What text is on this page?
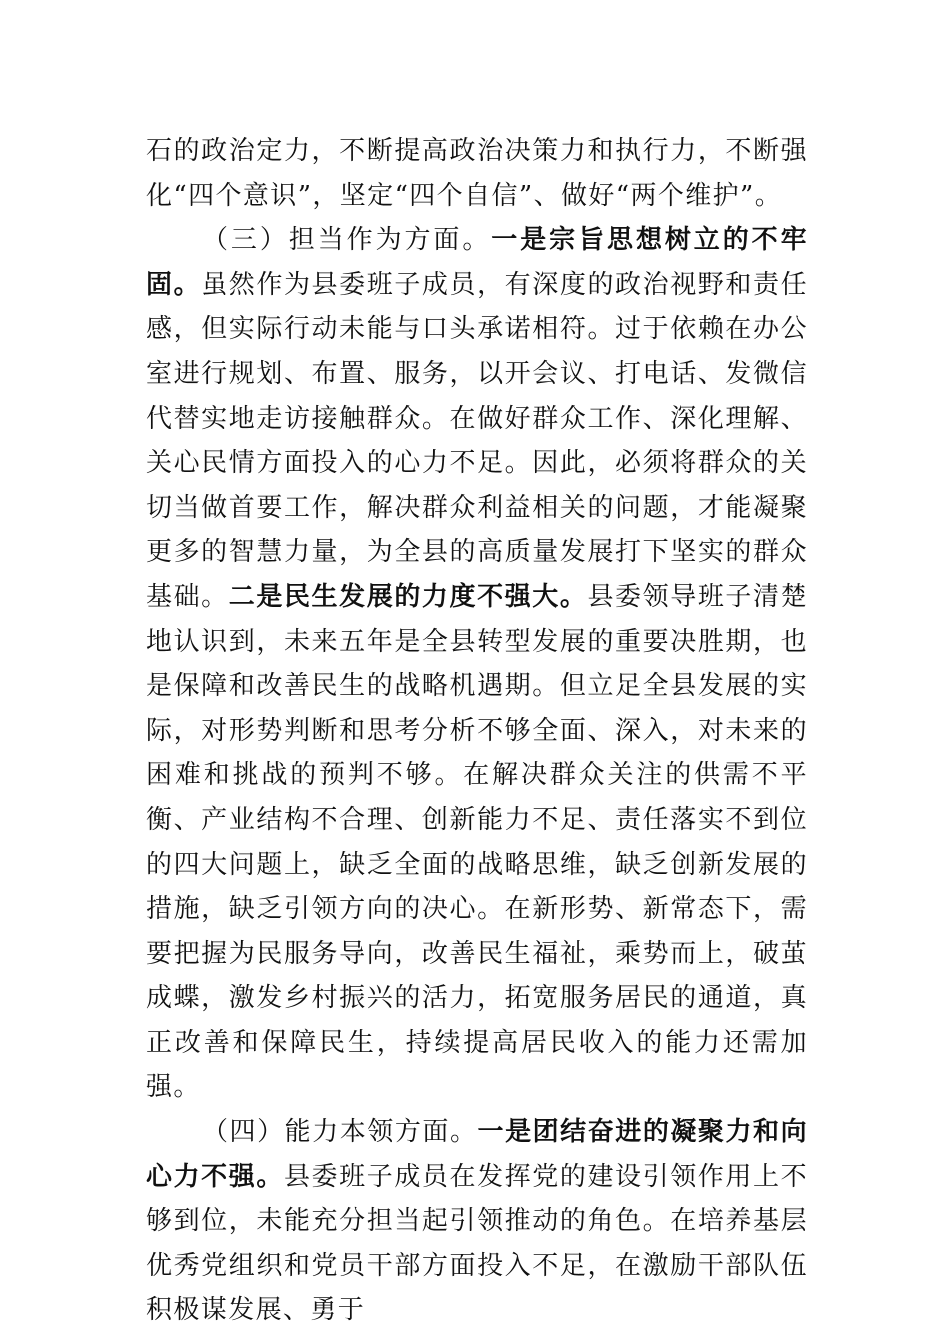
石的政治定力，不断提高政治决策力和执行力，不断强化“四个意识”，坚定“四个自信”、做好“两个维护”。

（三）担当作为方面。一是宗旨思想树立的不牢固。虽然作为县委班子成员，有深度的政治视野和责任感，但实际行动未能与口头承诺相符。过于依赖在办公室进行规划、布置、服务，以开会议、打电话、发微信代替实地走访接触群众。在做好群众工作、深化理解、关心民情方面投入的心力不足。因此，必须将群众的关切当做首要工作，解决群众利益相关的问题，才能凝聚更多的智慧力量，为全县的高质量发展打下坚实的群众基础。二是民生发展的力度不强大。县委领导班子清楚地认识到，未来五年是全县转型发展的重要决胜期，也是保障和改善民生的战略机遇期。但立足全县发展的实际，对形势判断和思考分析不够全面、深入，对未来的困难和挑战的预判不够。在解决群众关注的供需不平衡、产业结构不合理、创新能力不足、责任落实不到位的四大问题上，缺乏全面的战略思维，缺乏创新发展的措施，缺乏引领方向的决心。在新形势、新常态下，需要把握为民服务导向，改善民生福祉，乘势而上，破茧成蝶，激发乡村振兴的活力，拓宽服务居民的通道，真正改善和保障民生，持续提高居民收入的能力还需加强。

（四）能力本领方面。一是团结奋进的凝聚力和向心力不强。县委班子成员在发挥党的建设引领作用上不够到位，未能充分担当起引领推动的角色。在培养基层优秀党组织和党员干部方面投入不足，在激励干部队伍积极谋发展、勇于
